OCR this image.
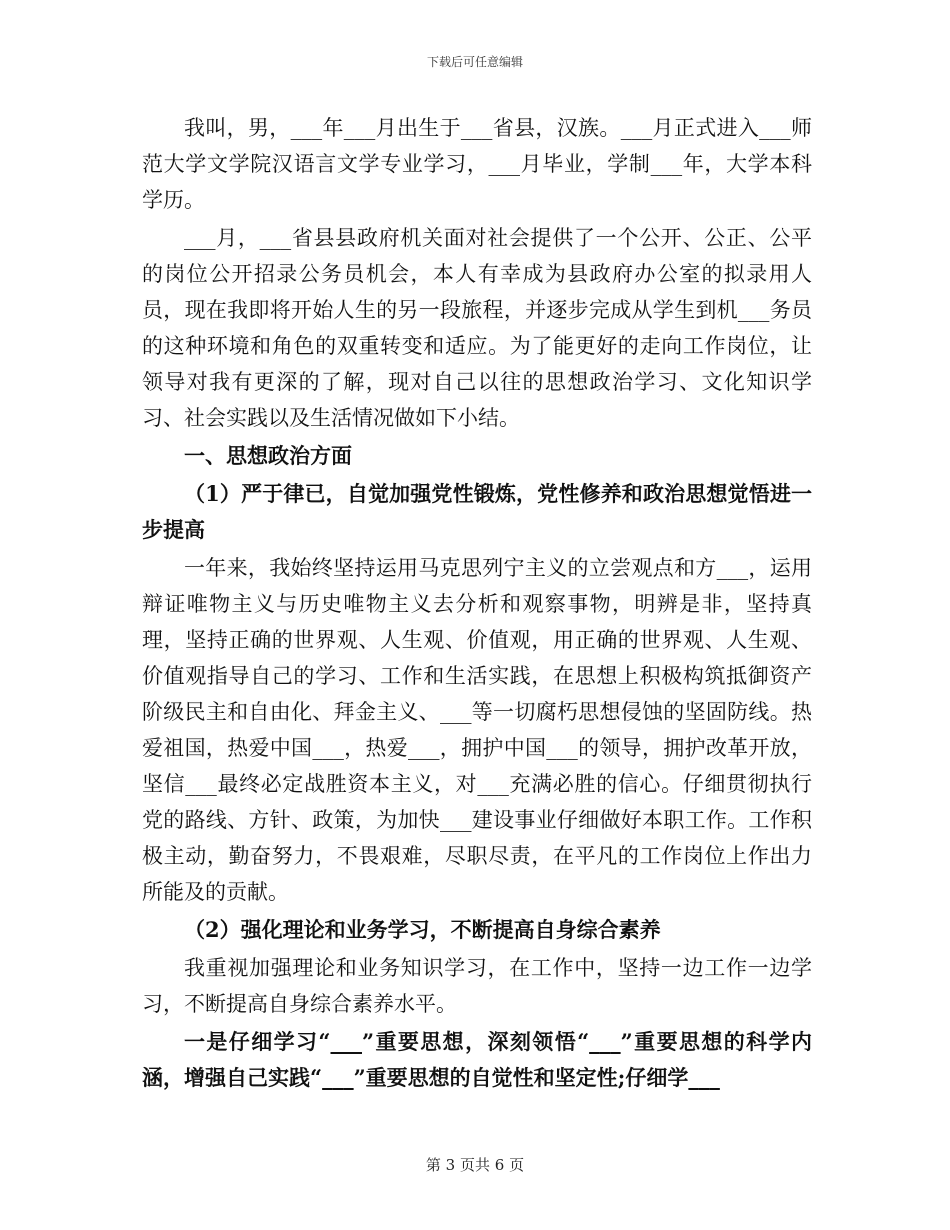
下载后可任意编辑

我叫，男，___年___月出生于___省县，汉族。___月正式进入___师范大学文学院汉语言文学专业学习，___月毕业，学制___年，大学本科学历。

___月，___省县县政府机关面对社会提供了一个公开、公正、公平的岗位公开招录公务员机会，本人有幸成为县政府办公室的拟录用人员，现在我即将开始人生的另一段旅程，并逐步完成从学生到机___务员的这种环境和角色的双重转变和适应。为了能更好的走向工作岗位，让领导对我有更深的了解，现对自己以往的思想政治学习、文化知识学习、社会实践以及生活情况做如下小结。

一、思想政治方面

（1）严于律已，自觉加强党性锻炼，党性修养和政治思想觉悟进一步提高

一年来，我始终坚持运用马克思列宁主义的立尝观点和方___，运用辩证唯物主义与历史唯物主义去分析和观察事物，明辨是非，坚持真理，坚持正确的世界观、人生观、价值观，用正确的世界观、人生观、价值观指导自己的学习、工作和生活实践，在思想上积极构筑抵御资产阶级民主和自由化、拜金主义、___等一切腐朽思想侵蚀的坚固防线。热爱祖国，热爱中国___，热爱___，拥护中国___的领导，拥护改革开放，坚信___最终必定战胜资本主义，对___充满必胜的信心。仔细贯彻执行党的路线、方针、政策，为加快___建设事业仔细做好本职工作。工作积极主动，勤奋努力，不畏艰难，尽职尽责，在平凡的工作岗位上作出力所能及的贡献。

（2）强化理论和业务学习，不断提高自身综合素养

我重视加强理论和业务知识学习，在工作中，坚持一边工作一边学习，不断提高自身综合素养水平。

一是仔细学习“___”重要思想，深刻领悟“___”重要思想的科学内涵，增强自己实践“___”重要思想的自觉性和坚定性;仔细学___

第 3 页共 6 页
